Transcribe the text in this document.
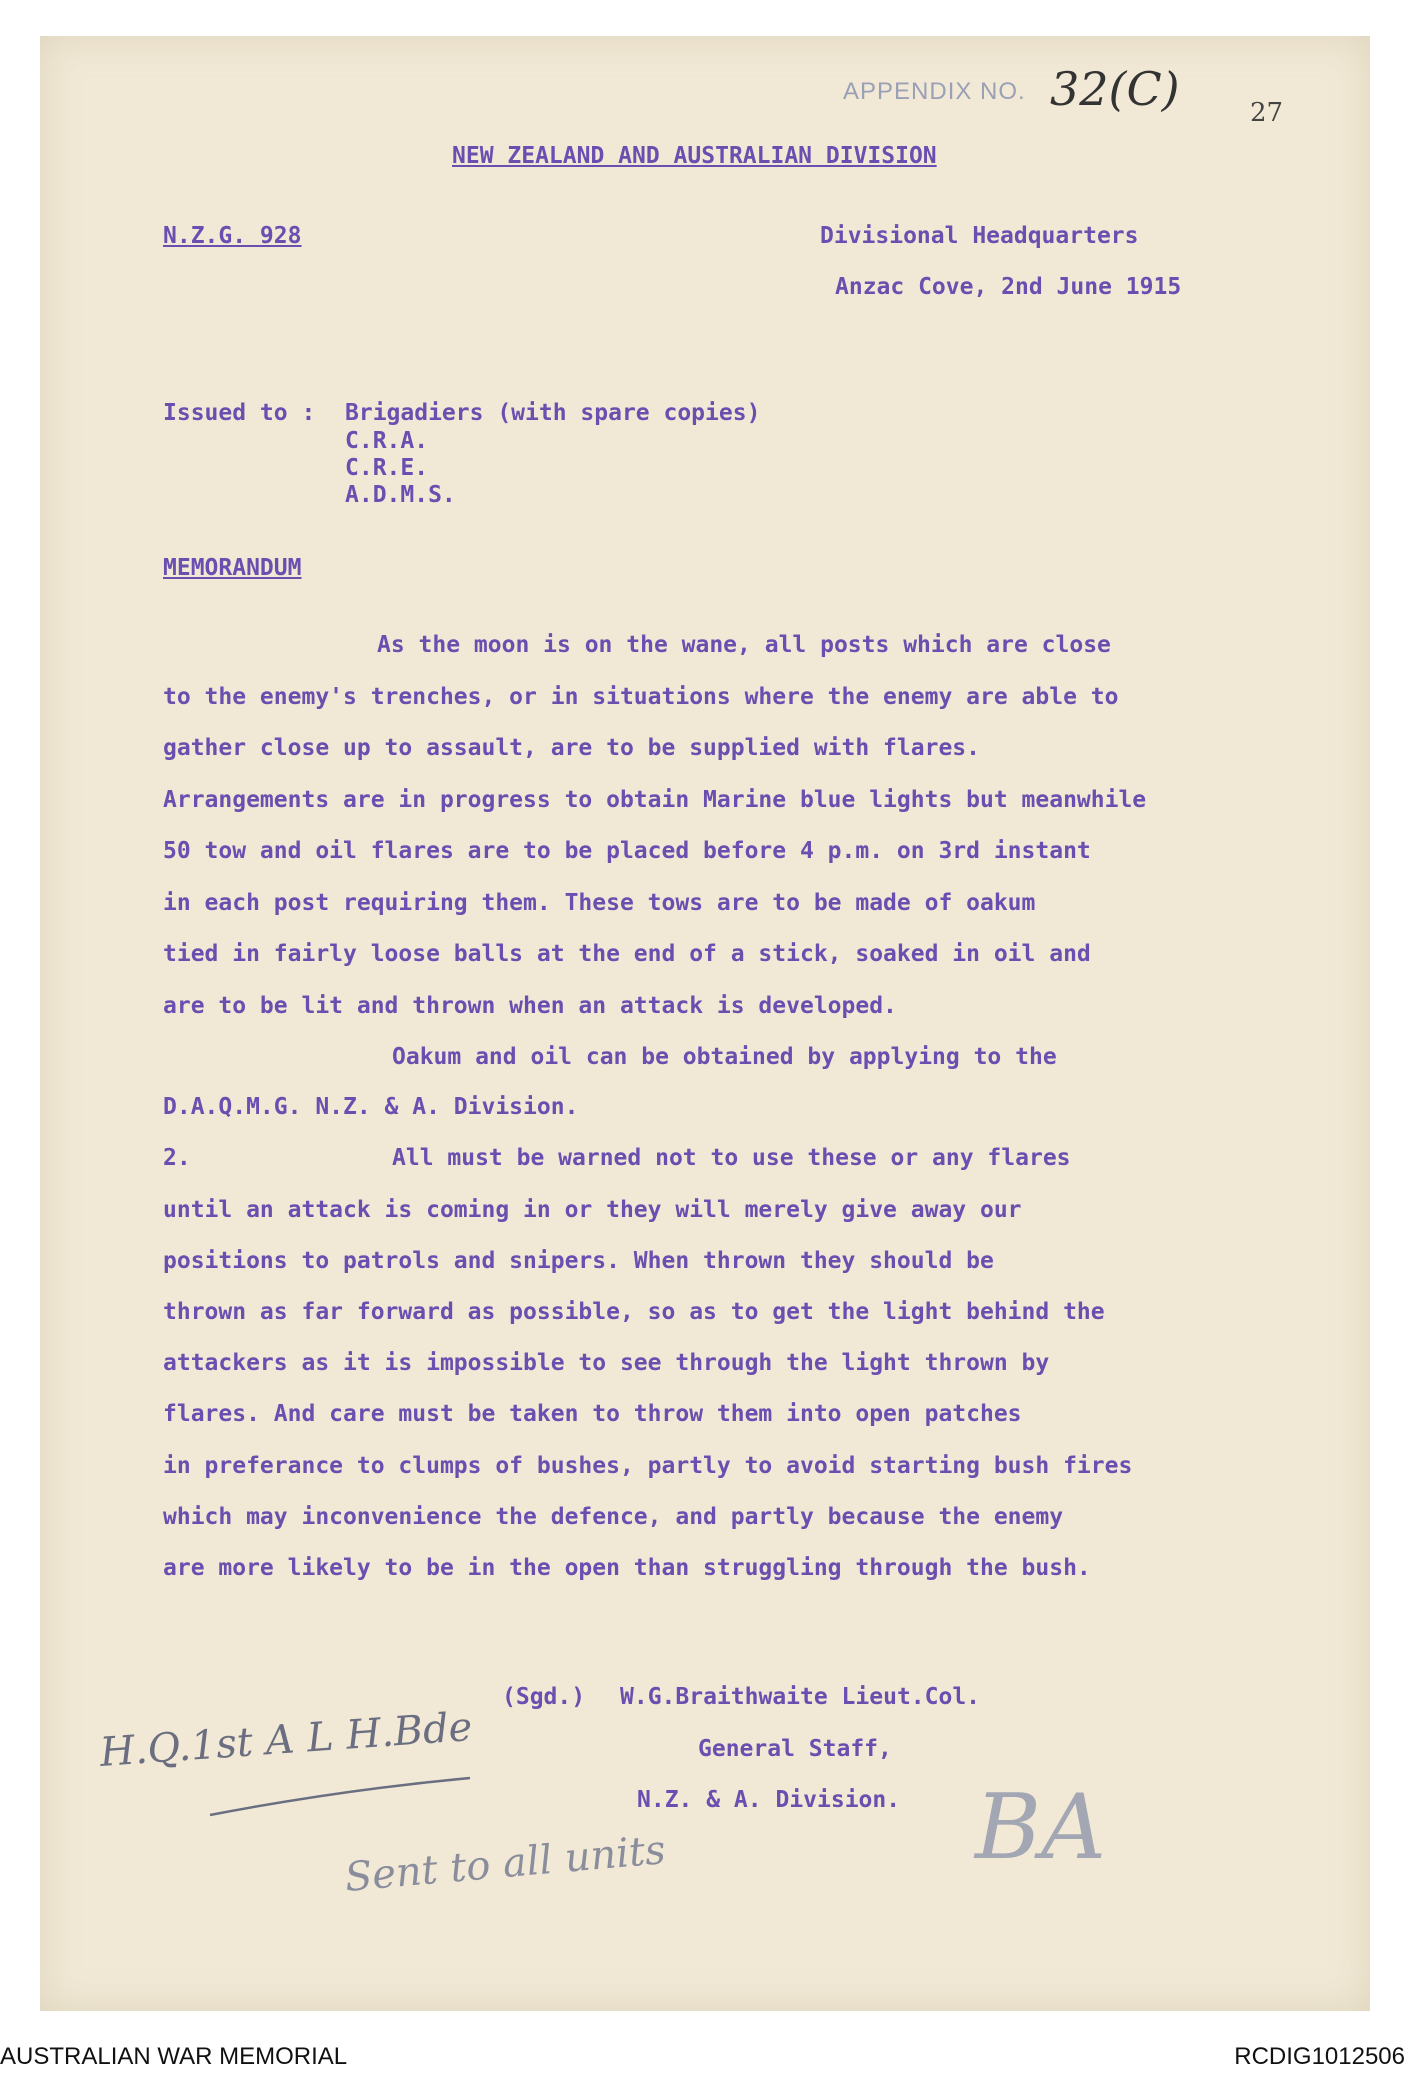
APPENDIX NO. 32(C)	27
NEW ZEALAND AND AUSTRALIAN DIVISION
N.Z.G. 928	Divisional Headquarters
Anzac Cove, 2nd June 1915
Issued to : Brigadiers (with spare copies)
C.R.A.
C.R.E.
A.D.M.S.
MEMORANDUM
As the moon is on the wane, all posts which are close
to the enemy's trenches, or in situations where the enemy are able to
gather close up to assault, are to be supplied with flares.
Arrangements are in progress to obtain Marine blue lights but meanwhile
50 tow and oil flares are to be placed before 4 p.m. on 3rd instant
in each post requiring them. These tows are to be made of oakum
tied in fairly loose balls at the end of a stick, soaked in oil and
are to be lit and thrown when an attack is developed.
Oakum and oil can be obtained by applying to the
D.A.Q.M.G. N.Z. & A. Division.
2.	All must be warned not to use these or any flares
until an attack is coming in or they will merely give away our
positions to patrols and snipers. When thrown they should be
thrown as far forward as possible, so as to get the light behind the
attackers as it is impossible to see through the light thrown by
flares. And care must be taken to throw them into open patches
in preferance to clumps of bushes, partly to avoid starting bush fires
which may inconvenience the defence, and partly because the enemy
are more likely to be in the open than struggling through the bush.
(Sgd.) W.G.Braithwaite Lieut.Col.
General Staff,
N.Z. & A. Division.
H.Q.1st A L H.Bde
Sent to all units	BA
AUSTRALIAN WAR MEMORIAL	RCDIG1012506
